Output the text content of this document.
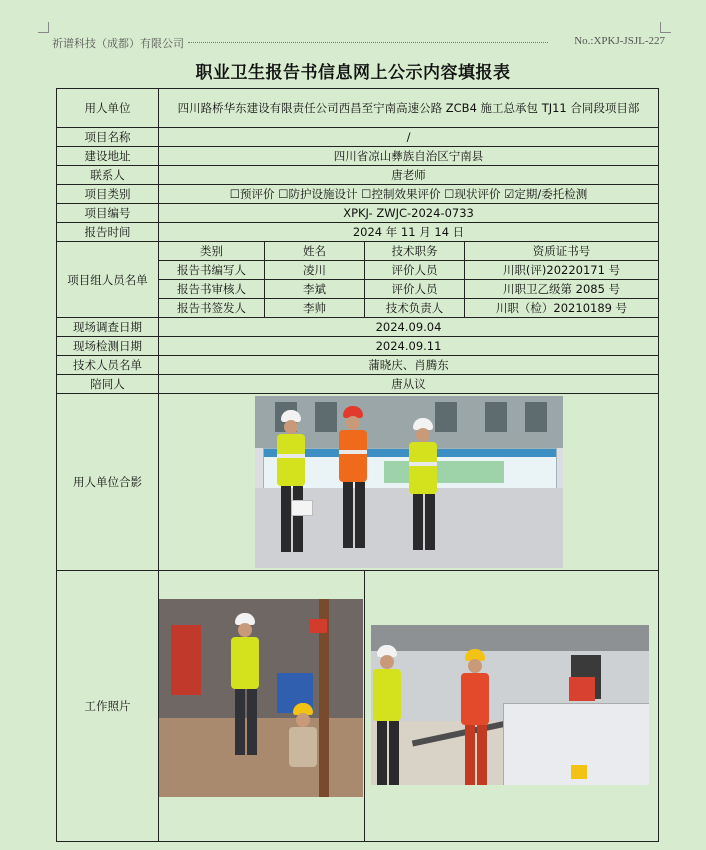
祈谱科技（成都）有限公司	No.:XPKJ-JSJL-227
职业卫生报告书信息网上公示内容填报表
用人单位	四川路桥华东建设有限责任公司西昌至宁南高速公路 ZCB4 施工总承包 TJ11 合同段项目部			
项目名称	/			
建设地址	四川省凉山彝族自治区宁南县			
联系人	唐老师			
项目类别	☐预评价 ☐防护设施设计 ☐控制效果评价 ☐现状评价 ☑定期/委托检测			
项目编号	XPKJ- ZWJC-2024-0733			
报告时间	2024 年 11 月 14 日			
项目组人员名单	类别	姓名	技术职务	资质证书号
	报告书编写人	凌川	评价人员	川职(评)20220171 号
	报告书审核人	李斌	评价人员	川职卫乙级第 2085 号
	报告书签发人	李帅	技术负责人	川职（检）20210189 号
现场调查日期	2024.09.04			
现场检测日期	2024.09.11			
技术人员名单	蒲晓庆、肖腾东			
陪同人	唐从议			
用人单位合影				

工作照片			
